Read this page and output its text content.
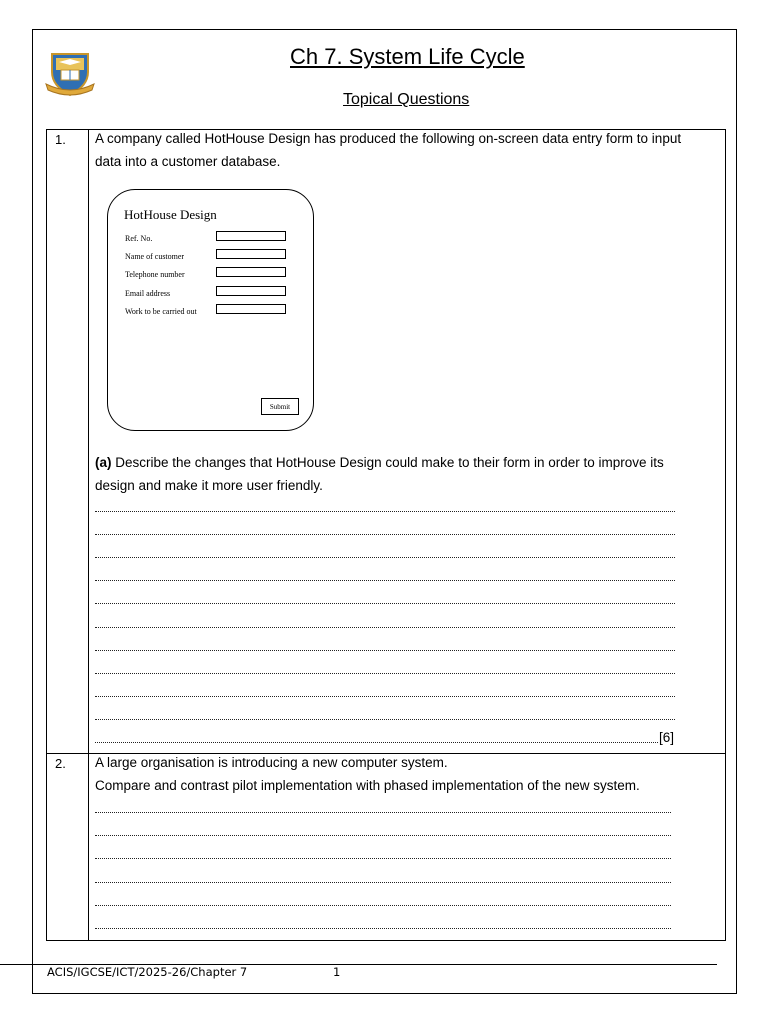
Ch 7. System Life Cycle
Topical Questions
1. A company called HotHouse Design has produced the following on-screen data entry form to input
data into a customer database.
HotHouse Design
Ref. No.
Name of customer
Telephone number
Email address
Work to be carried out
Submit
(a) Describe the changes that HotHouse Design could make to their form in order to improve its
design and make it more user friendly.
[6]
2. A large organisation is introducing a new computer system.
Compare and contrast pilot implementation with phased implementation of the new system.
ACIS/IGCSE/ICT/2025-26/Chapter 7	1
